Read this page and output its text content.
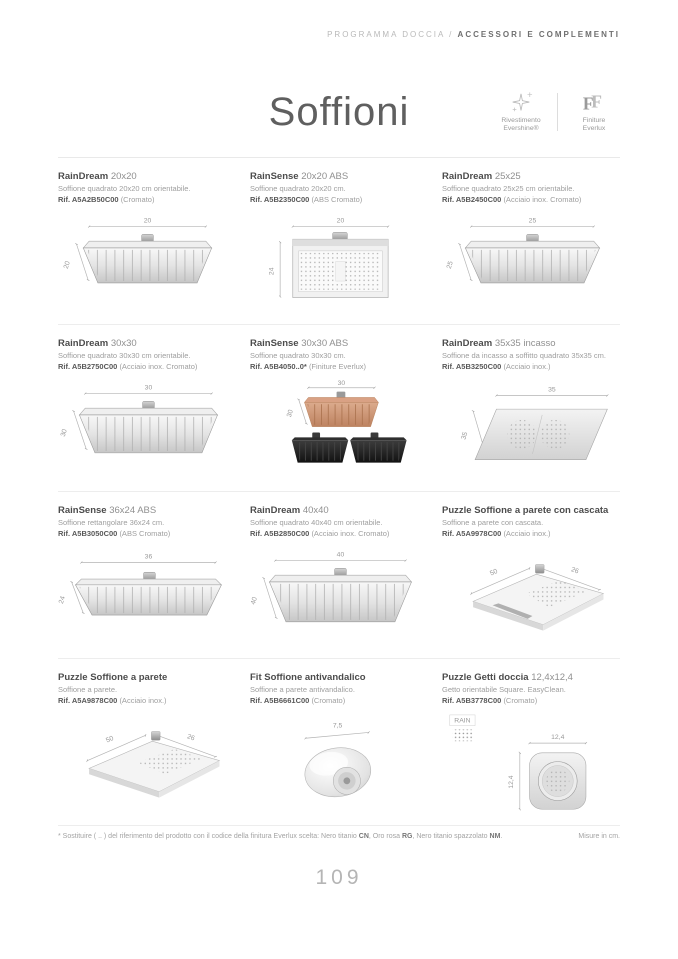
PROGRAMMA DOCCIA / ACCESSORI E COMPLEMENTI
Soffioni	Rivestimento
Evershine®
F
F
Finiture
Everlux
RainDream 20x20
Soffione quadrato 20x20 cm orientabile.
Rif. A5A2B50C00 (Cromato)
20
20
RainSense 20x20 ABS
Soffione quadrato 20x20 cm.
Rif. A5B2350C00 (ABS Cromato)
20
24
RainDream 25x25
Soffione quadrato 25x25 cm orientabile.
Rif. A5B2450C00 (Acciaio inox. Cromato)
25
25
RainDream 30x30
Soffione quadrato 30x30 cm orientabile.
Rif. A5B2750C00 (Acciaio inox. Cromato)
30
30
RainSense 30x30 ABS
Soffione quadrato 30x30 cm.
Rif. A5B4050..0* (Finiture Everlux)
30
30
RainDream 35x35 incasso
Soffione da incasso a soffitto quadrato 35x35 cm.
Rif. A5B3250C00 (Acciaio inox.)
35
35
RainSense 36x24 ABS
Soffione rettangolare 36x24 cm.
Rif. A5B3050C00 (ABS Cromato)
36
24
RainDream 40x40
Soffione quadrato 40x40 cm orientabile.
Rif. A5B2850C00 (Acciaio inox. Cromato)
40
40
Puzzle Soffione a parete con cascata
Soffione a parete con cascata.
Rif. A5A9978C00 (Acciaio inox.)
50	26
Puzzle Soffione a parete
Soffione a parete.
Rif. A5A9878C00 (Acciaio inox.)
50	26
Fit Soffione antivandalico
Soffione a parete antivandalico.
Rif. A5B6661C00 (Cromato)
7,5
Puzzle Getti doccia 12,4x12,4
Getto orientabile Square. EasyClean.
Rif. A5B3778C00 (Cromato)
RAIN
12,4
12,4
* Sostituire ( .. ) del riferimento del prodotto con il codice della finitura Everlux scelta: Nero titanio CN, Oro rosa RG, Nero titanio spazzolato NM.	Misure in cm.
109
